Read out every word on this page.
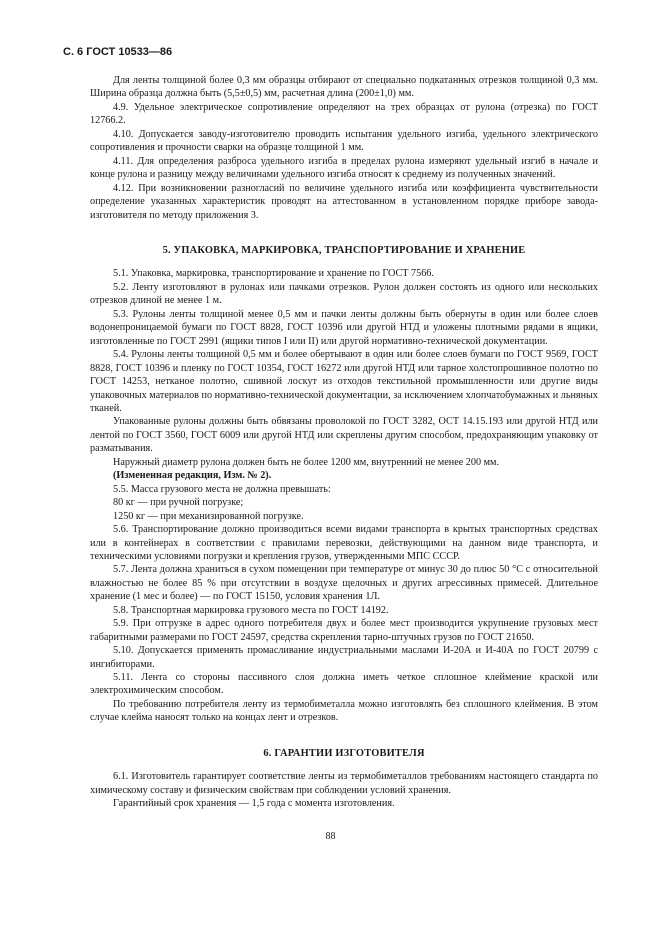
С. 6 ГОСТ 10533—86

Для ленты толщиной более 0,3 мм образцы отбирают от специально подкатанных отрезков толщиной 0,3 мм. Ширина образца должна быть (5,5±0,5) мм, расчетная длина (200±1,0) мм.

4.9. Удельное электрическое сопротивление определяют на трех образцах от рулона (отрезка) по ГОСТ 12766.2.

4.10. Допускается заводу-изготовителю проводить испытания удельного изгиба, удельного электрического сопротивления и прочности сварки на образце толщиной 1 мм.

4.11. Для определения разброса удельного изгиба в пределах рулона измеряют удельный изгиб в начале и конце рулона и разницу между величинами удельного изгиба относят к среднему из полученных значений.

4.12. При возникновении разногласий по величине удельного изгиба или коэффициента чувствительности определение указанных характеристик проводят на аттестованном в установленном порядке приборе завода-изготовителя по методу приложения 3.

5. УПАКОВКА, МАРКИРОВКА, ТРАНСПОРТИРОВАНИЕ И ХРАНЕНИЕ

5.1. Упаковка, маркировка, транспортирование и хранение по ГОСТ 7566.

5.2. Ленту изготовляют в рулонах или пачками отрезков. Рулон должен состоять из одного или нескольких отрезков длиной не менее 1 м.

5.3. Рулоны ленты толщиной менее 0,5 мм и пачки ленты должны быть обернуты в один или более слоев водонепроницаемой бумаги по ГОСТ 8828, ГОСТ 10396 или другой НТД и уложены плотными рядами в ящики, изготовленные по ГОСТ 2991 (ящики типов I или II) или другой нормативно-технической документации.

5.4. Рулоны ленты толщиной 0,5 мм и более обертывают в один или более слоев бумаги по ГОСТ 9569, ГОСТ 8828, ГОСТ 10396 и пленку по ГОСТ 10354, ГОСТ 16272 или другой НТД или тарное холстопрошивное полотно по ГОСТ 14253, нетканое полотно, сшивной лоскут из отходов текстильной промышленности или другие виды упаковочных материалов по нормативно-технической документации, за исключением хлопчатобумажных и льняных тканей.

Упакованные рулоны должны быть обвязаны проволокой по ГОСТ 3282, ОСТ 14.15.193 или другой НТД или лентой по ГОСТ 3560, ГОСТ 6009 или другой НТД или скреплены другим способом, предохраняющим упаковку от разматывания.

Наружный диаметр рулона должен быть не более 1200 мм, внутренний не менее 200 мм.

(Измененная редакция, Изм. № 2).

5.5. Масса грузового места не должна превышать:

80 кг — при ручной погрузке;

1250 кг — при механизированной погрузке.

5.6. Транспортирование должно производиться всеми видами транспорта в крытых транспортных средствах или в контейнерах в соответствии с правилами перевозки, действующими на данном виде транспорта, и техническими условиями погрузки и крепления грузов, утвержденными МПС СССР.

5.7. Лента должна храниться в сухом помещении при температуре от минус 30 до плюс 50 °С с относительной влажностью не более 85 % при отсутствии в воздухе щелочных и других агрессивных примесей. Длительное хранение (1 мес и более) — по ГОСТ 15150, условия хранения 1Л.

5.8. Транспортная маркировка грузового места по ГОСТ 14192.

5.9. При отгрузке в адрес одного потребителя двух и более мест производится укрупнение грузовых мест габаритными размерами по ГОСТ 24597, средства скрепления тарно-штучных грузов по ГОСТ 21650.

5.10. Допускается применять промасливание индустриальными маслами И-20А и И-40А по ГОСТ 20799 с ингибиторами.

5.11. Лента со стороны пассивного слоя должна иметь четкое сплошное клеймение краской или электрохимическим способом.

По требованию потребителя ленту из термобиметалла можно изготовлять без сплошного клеймения. В этом случае клейма наносят только на концах лент и отрезков.

6. ГАРАНТИИ ИЗГОТОВИТЕЛЯ

6.1. Изготовитель гарантирует соответствие ленты из термобиметаллов требованиям настоящего стандарта по химическому составу и физическим свойствам при соблюдении условий хранения.

Гарантийный срок хранения — 1,5 года с момента изготовления.

88
